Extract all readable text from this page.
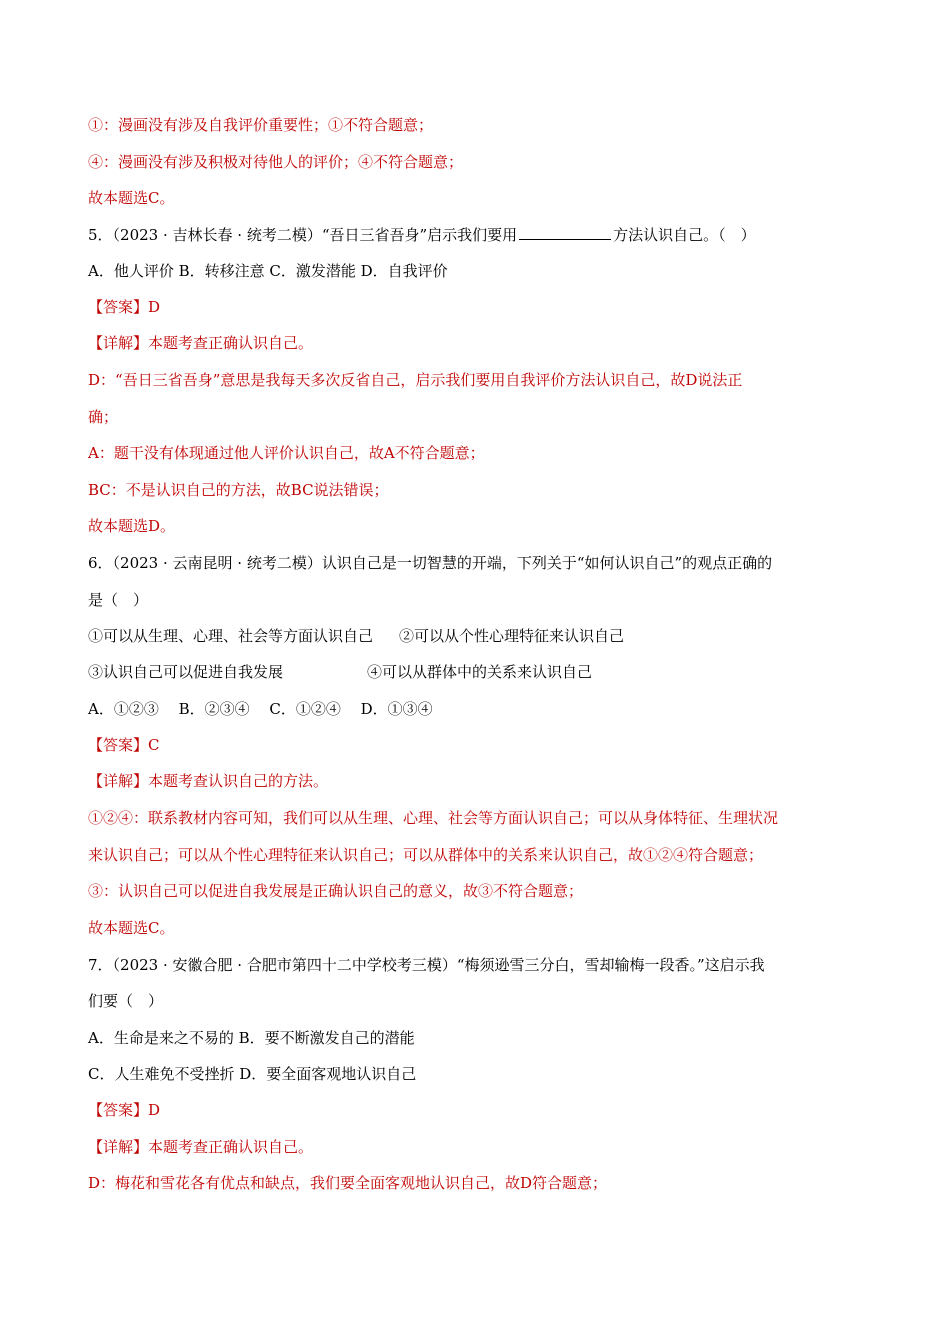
①：漫画没有涉及自我评价重要性；①不符合题意；
④：漫画没有涉及积极对待他人的评价；④不符合题意；
故本题选C。
5．（2023 · 吉林长春 · 统考二模）“吾日三省吾身”启示我们要用	方法认识自己。（　）
A．他人评价 B．转移注意 C．激发潜能 D．自我评价
【答案】D
【详解】本题考查正确认识自己。
D：“吾日三省吾身”意思是我每天多次反省自己，启示我们要用自我评价方法认识自己，故D说法正
确；
A：题干没有体现通过他人评价认识自己，故A不符合题意；
BC：不是认识自己的方法，故BC说法错误；
故本题选D。
6．（2023 · 云南昆明 · 统考二模）认识自己是一切智慧的开端，下列关于“如何认识自己”的观点正确的
是（　）
①可以从生理、心理、社会等方面认识自己 ②可以从个性心理特征来认识自己
③认识自己可以促进自我发展	④可以从群体中的关系来认识自己
A．①②③　 B．②③④　 C．①②④　 D．①③④
【答案】C
【详解】本题考查认识自己的方法。
①②④：联系教材内容可知，我们可以从生理、心理、社会等方面认识自己；可以从身体特征、生理状况
来认识自己；可以从个性心理特征来认识自己；可以从群体中的关系来认识自己，故①②④符合题意；
③：认识自己可以促进自我发展是正确认识自己的意义，故③不符合题意；
故本题选C。
7．（2023 · 安徽合肥 · 合肥市第四十二中学校考三模）“梅须逊雪三分白，雪却输梅一段香。”这启示我
们要（　）
A．生命是来之不易的 B．要不断激发自己的潜能
C．人生难免不受挫折 D．要全面客观地认识自己
【答案】D
【详解】本题考查正确认识自己。
D：梅花和雪花各有优点和缺点，我们要全面客观地认识自己，故D符合题意；
